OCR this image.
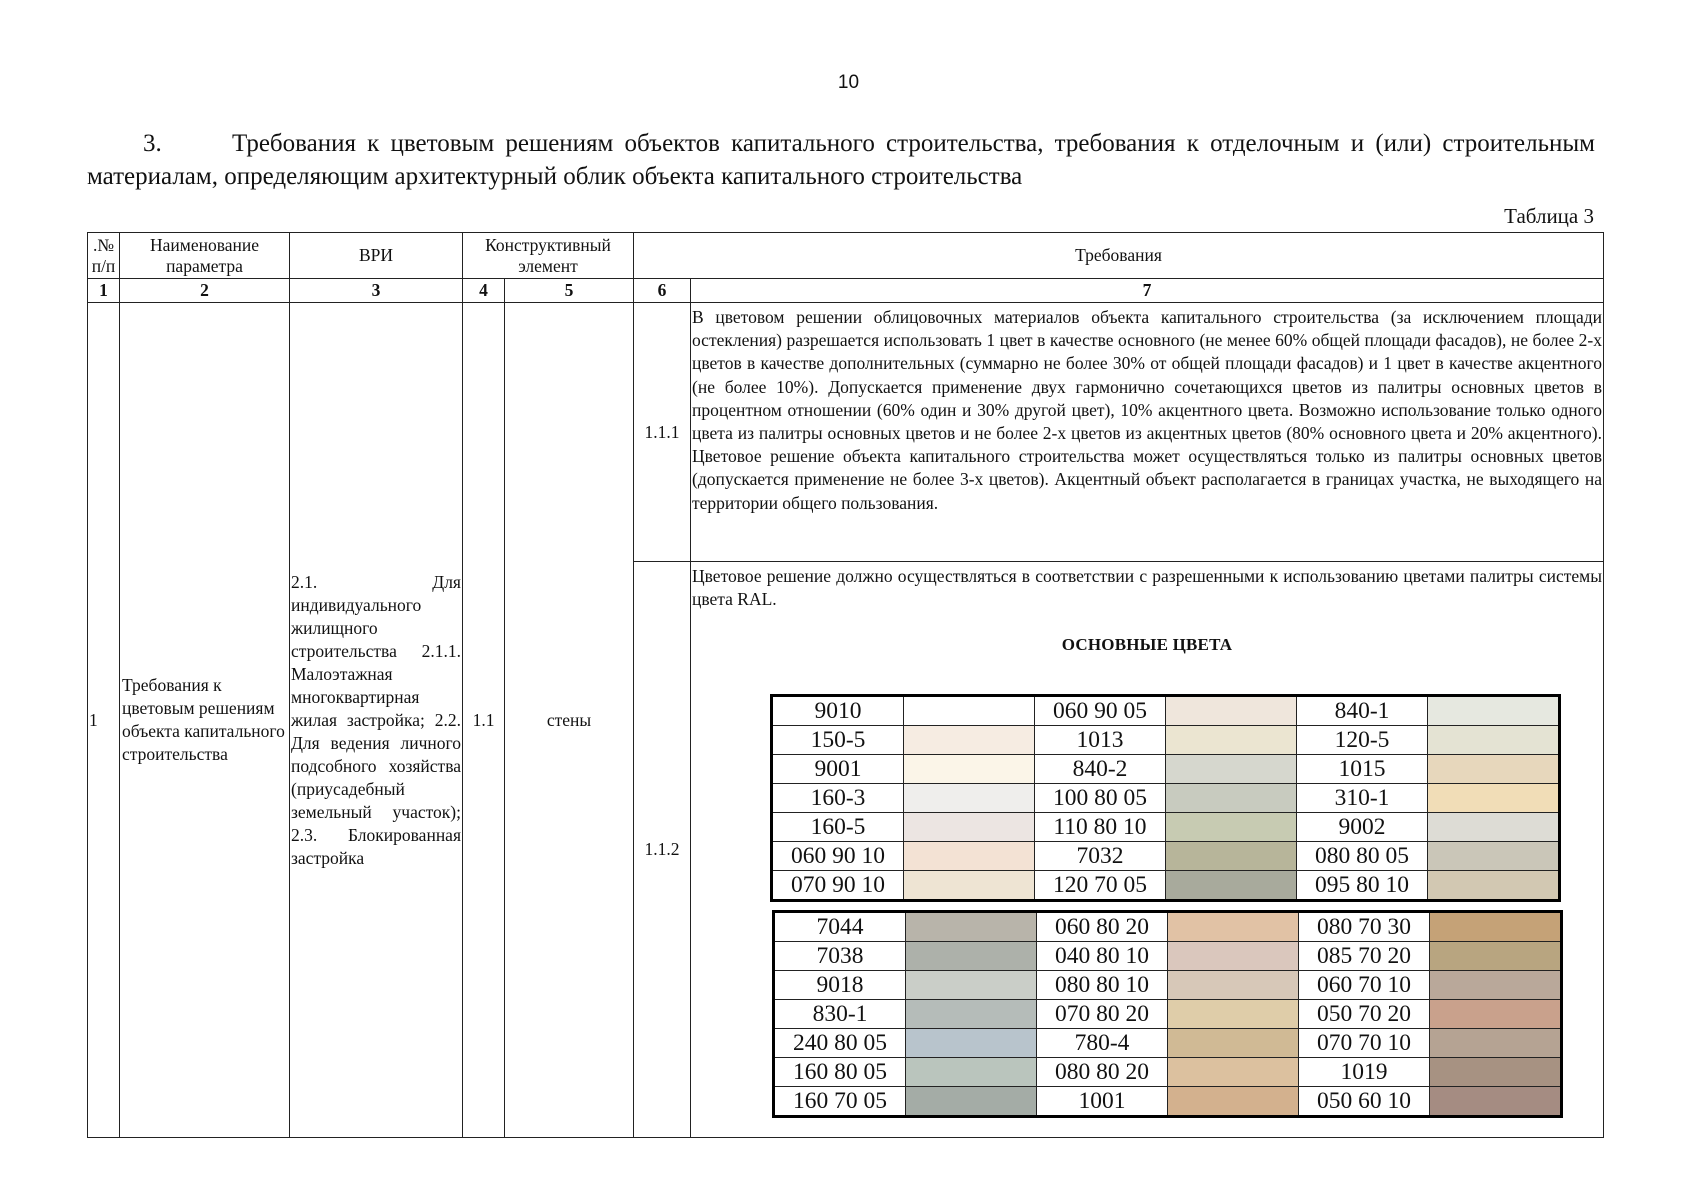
10
3.	Требования к цветовым решениям объектов капитального строительства, требования к отделочным и (или) строительным материалам, определяющим архитектурный облик объекта капитального строительства
Таблица 3
.№ п/п	Наименование параметра	ВРИ	Конструктивный элемент	Требования
1	2	3	4	5	6	7
1	Требования к цветовым решениям объекта капитального строительства	2.1. Для индивидуального жилищного строительства 2.1.1. Малоэтажная многоквартирная жилая застройка; 2.2. Для ведения личного подсобного хозяйства (приусадебный земельный участок); 2.3. Блокированная застройка	1.1	стены	1.1.1	В цветовом решении облицовочных материалов объекта капитального строительства (за исключением площади остекления) разрешается использовать 1 цвет в качестве основного (не менее 60% общей площади фасадов), не более 2-х цветов в качестве дополнительных (суммарно не более 30% от общей площади фасадов) и 1 цвет в качестве акцентного (не более 10%). Допускается применение двух гармонично сочетающихся цветов из палитры основных цветов в процентном отношении (60% один и 30% другой цвет), 10% акцентного цвета. Возможно использование только одного цвета из палитры основных цветов и не более 2-х цветов из акцентных цветов (80% основного цвета и 20% акцентного). Цветовое решение объекта капитального строительства может осуществляться только из палитры основных цветов (допускается применение не более 3-х цветов). Акцентный объект располагается в границах участка, не выходящего на территории общего пользования.
1.1.2	
Цветовое решение должно осуществляться в соответствии с разрешенными к использованию цветами палитры системы цвета RAL.
ОСНОВНЫЕ ЦВЕТА
9010		060 90 05		840-1	
150-5		1013		120-5	
9001		840-2		1015	
160-3		100 80 05		310-1	
160-5		110 80 10		9002	
060 90 10		7032		080 80 05	
070 90 10		120 70 05		095 80 10	
7044		060 80 20		080 70 30	
7038		040 80 10		085 70 20	
9018		080 80 10		060 70 10	
830-1		070 80 20		050 70 20	
240 80 05		780-4		070 70 10	
160 80 05		080 80 20		1019	
160 70 05		1001		050 60 10	
